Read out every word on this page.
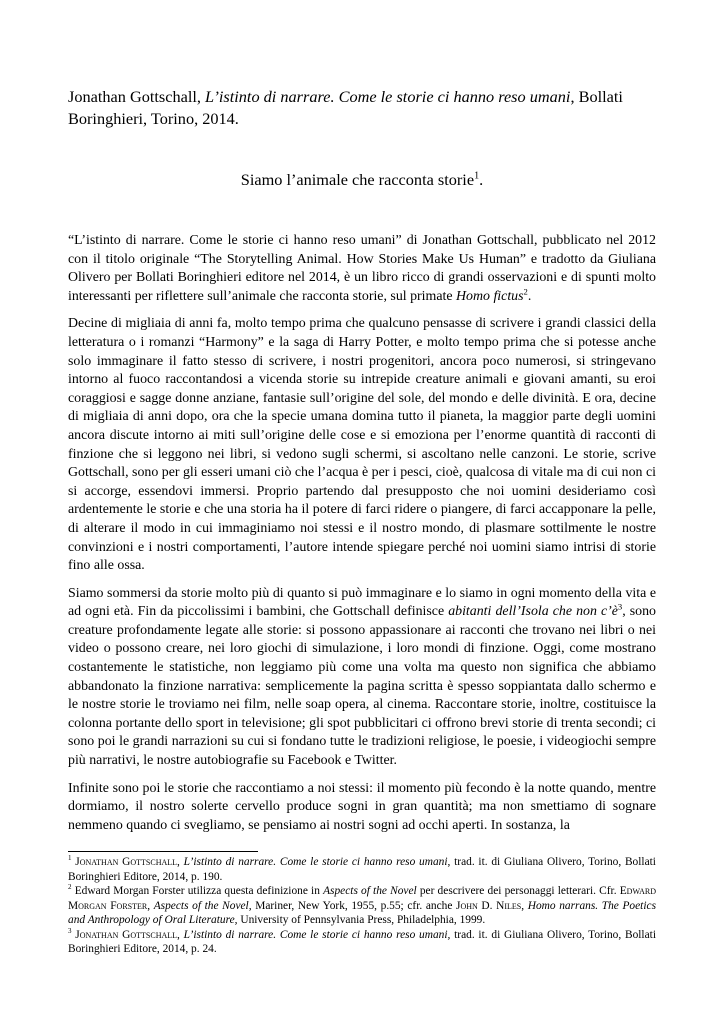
Jonathan Gottschall, L’istinto di narrare. Come le storie ci hanno reso umani, Bollati Boringhieri, Torino, 2014.
Siamo l’animale che racconta storie$^1$.

“L’istinto di narrare. Come le storie ci hanno reso umani” di Jonathan Gottschall, pubblicato nel 2012 con il titolo originale “The Storytelling Animal. How Stories Make Us Human” e tradotto da Giuliana Olivero per Bollati Boringhieri editore nel 2014, è un libro ricco di grandi osservazioni e di spunti molto interessanti per riflettere sull’animale che racconta storie, sul primate Homo fictus$^2$.

Decine di migliaia di anni fa, molto tempo prima che qualcuno pensasse di scrivere i grandi classici della letteratura o i romanzi “Harmony” e la saga di Harry Potter, e molto tempo prima che si potesse anche solo immaginare il fatto stesso di scrivere, i nostri progenitori, ancora poco numerosi, si stringevano intorno al fuoco raccontandosi a vicenda storie su intrepide creature animali e giovani amanti, su eroi coraggiosi e sagge donne anziane, fantasie sull’origine del sole, del mondo e delle divinità. E ora, decine di migliaia di anni dopo, ora che la specie umana domina tutto il pianeta, la maggior parte degli uomini ancora discute intorno ai miti sull’origine delle cose e si emoziona per l’enorme quantità di racconti di finzione che si leggono nei libri, si vedono sugli schermi, si ascoltano nelle canzoni. Le storie, scrive Gottschall, sono per gli esseri umani ciò che l’acqua è per i pesci, cioè, qualcosa di vitale ma di cui non ci si accorge, essendovi immersi. Proprio partendo dal presupposto che noi uomini desideriamo così ardentemente le storie e che una storia ha il potere di farci ridere o piangere, di farci accapponare la pelle, di alterare il modo in cui immaginiamo noi stessi e il nostro mondo, di plasmare sottilmente le nostre convinzioni e i nostri comportamenti, l’autore intende spiegare perché noi uomini siamo intrisi di storie fino alle ossa.

Siamo sommersi da storie molto più di quanto si può immaginare e lo siamo in ogni momento della vita e ad ogni età. Fin da piccolissimi i bambini, che Gottschall definisce abitanti dell’Isola che non $c’è^3$, sono creature profondamente legate alle storie: si possono appassionare ai racconti che trovano nei libri o nei video o possono creare, nei loro giochi di simulazione, i loro mondi di finzione. Oggi, come mostrano costantemente le statistiche, non leggiamo più come una volta ma questo non significa che abbiamo abbandonato la finzione narrativa: semplicemente la pagina scritta è spesso soppiantata dallo schermo e le nostre storie le troviamo nei film, nelle soap opera, al cinema. Raccontare storie, inoltre, costituisce la colonna portante dello sport in televisione; gli spot pubblicitari ci offrono brevi storie di trenta secondi; ci sono poi le grandi narrazioni su cui si fondano tutte le tradizioni religiose, le poesie, i videogiochi sempre più narrativi, le nostre autobiografie su Facebook e Twitter.

Infinite sono poi le storie che raccontiamo a noi stessi: il momento più fecondo è la notte quando, mentre dormiamo, il nostro solerte cervello produce sogni in gran quantità; ma non smettiamo di sognare nemmeno quando ci svegliamo, se pensiamo ai nostri sogni ad occhi aperti. In sostanza, la

$^1$ Jonathan Gottschall, L’istinto di narrare. Come le storie ci hanno reso umani, trad. it. di Giuliana Olivero, Torino, Bollati Boringhieri Editore, 2014, p. 190.
$^2$ Edward Morgan Forster utilizza questa definizione in Aspects of the Novel per descrivere dei personaggi letterari. Cfr. Edward Morgan Forster, Aspects of the Novel, Mariner, New York, 1955, p.55; cfr. anche John D. Niles, Homo narrans. The Poetics and Anthropology of Oral Literature, University of Pennsylvania Press, Philadelphia, 1999.
$^3$ Jonathan Gottschall, L’istinto di narrare. Come le storie ci hanno reso umani, trad. it. di Giuliana Olivero, Torino, Bollati Boringhieri Editore, 2014, p. 24.
